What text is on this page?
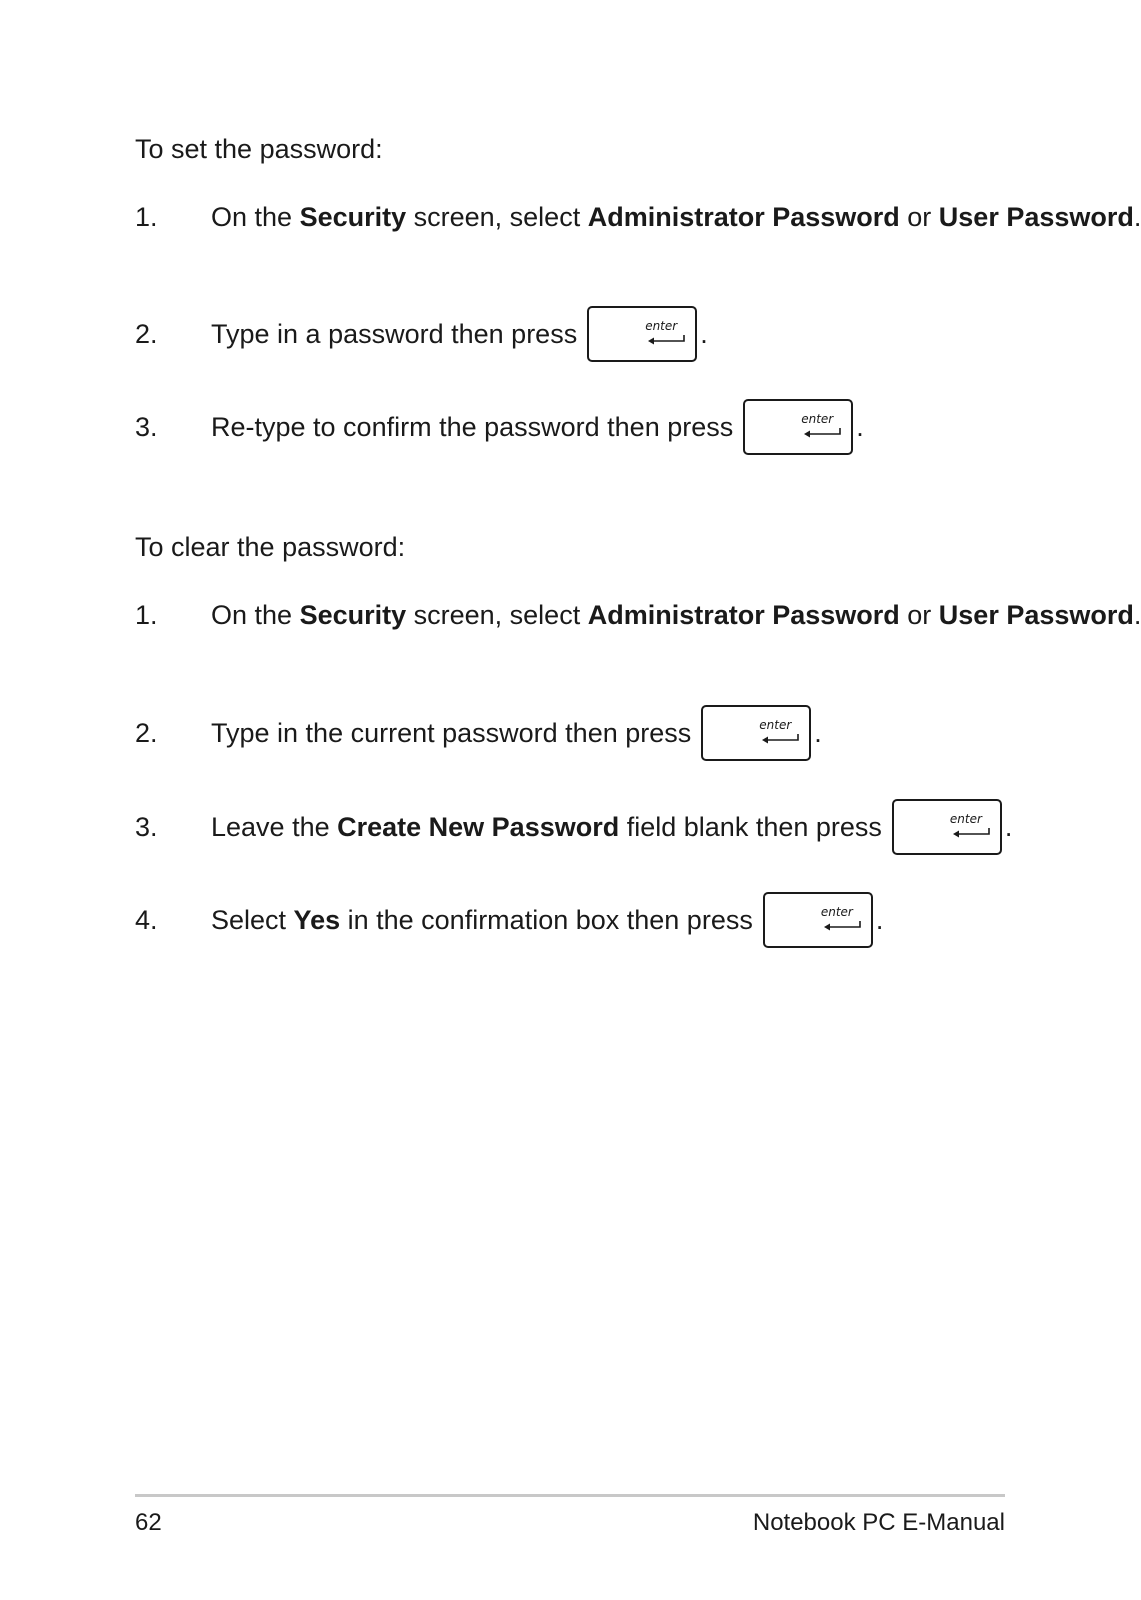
To set the password:

1. On the Security screen, select Administrator Password or User Password.
2. Type in a password then press	enter .
3. Re-type to confirm the password then press	enter .

To clear the password:

1. On the Security screen, select Administrator Password or User Password.
2. Type in the current password then press	enter .
3. Leave the Create New Password field blank then press	enter .
4. Select Yes in the confirmation box then press	enter .
62	Notebook PC E-Manual
